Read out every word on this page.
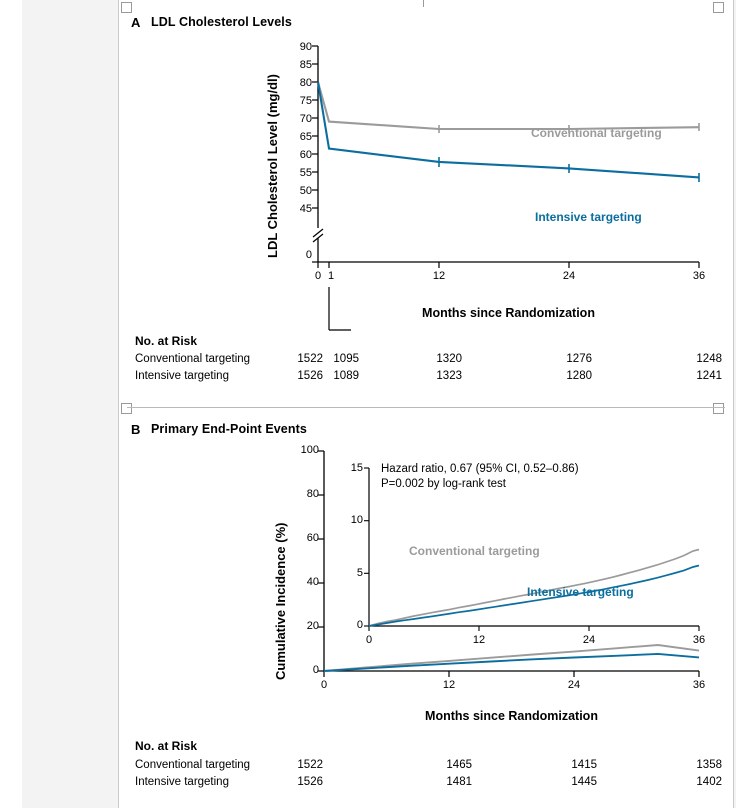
A LDL Cholesterol Levels
LDL Cholesterol Level (mg/dl)
90
85
80
75
70
65
60
55
50
45
0
0 1	12	24	36
Months since Randomization
Conventional targeting
Intensive targeting
No. at Risk
Conventional targeting	1522 1095	1320	1276	1248
Intensive targeting	1526 1089	1323	1280	1241
B Primary End-Point Events
Cumulative Incidence (%)
100
80
60
40
20
0
15
10
5
0
0	12	24	36
Hazard ratio, 0.67 (95% CI, 0.52–0.86)
P=0.002 by log-rank test
Conventional targeting
Intensive targeting
0	12	24	36
Months since Randomization
No. at Risk
Conventional targeting	1522	1465	1415	1358
Intensive targeting	1526	1481	1445	1402
